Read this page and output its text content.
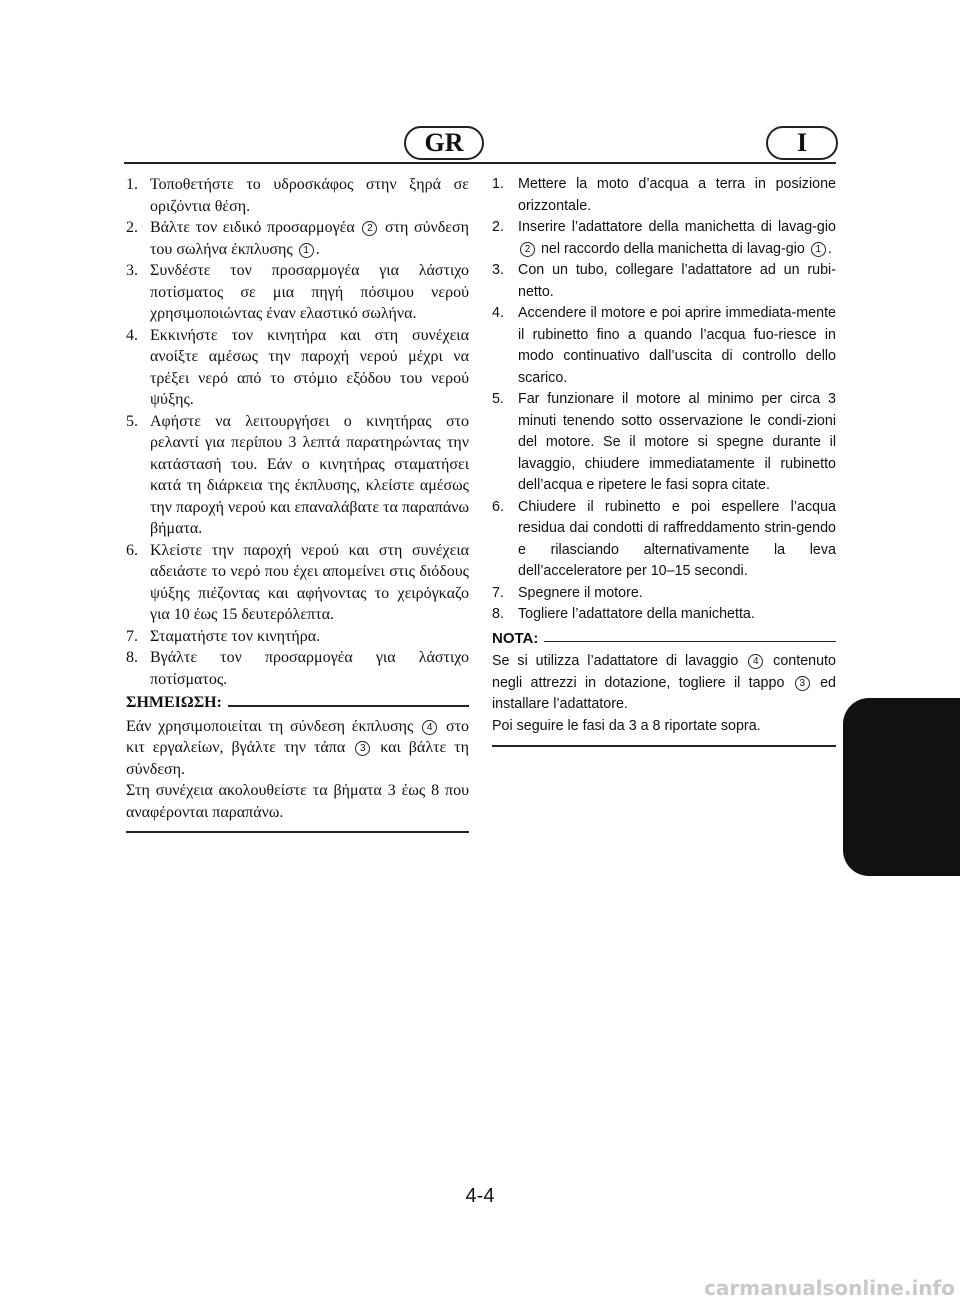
GR	I
1. Τοποθετήστε το υδροσκάφος στην ξηρά σε οριζόντια θέση.
2. Βάλτε τον ειδικό προσαρμογέα 2 στη σύνδεση του σωλήνα έκπλυσης 1 .
3. Συνδέστε τον προσαρμογέα για λάστιχο ποτίσματος σε μια πηγή πόσιμου νερού χρησιμοποιώντας έναν ελαστικό σωλήνα.
4. Εκκινήστε τον κινητήρα και στη συνέχεια ανοίξτε αμέσως την παροχή νερού μέχρι να τρέξει νερό από το στόμιο εξόδου του νερού ψύξης.
5. Αφήστε να λειτουργήσει ο κινητήρας στο ρελαντί για περίπου 3 λεπτά παρατηρώντας την κατάστασή του. Εάν ο κινητήρας σταματήσει κατά τη διάρκεια της έκπλυσης, κλείστε αμέσως την παροχή νερού και επαναλάβατε τα παραπάνω βήματα.
6. Κλείστε την παροχή νερού και στη συνέχεια αδειάστε το νερό που έχει απομείνει στις διόδους ψύξης πιέζοντας και αφήνοντας το χειρόγκαζο για 10 έως 15 δευτερόλεπτα.
7. Σταματήστε τον κινητήρα.
8. Βγάλτε τον προσαρμογέα για λάστιχο ποτίσματος.
ΣΗΜΕΙΩΣΗ:

Εάν χρησιμοποιείται τη σύνδεση έκπλυσης 4 στο κιτ εργαλείων, βγάλτε την τάπα 3 και βάλτε τη σύνδεση.
Στη συνέχεια ακολουθείστε τα βήματα 3 έως 8 που αναφέρονται παραπάνω.

1. Mettere la moto d’acqua a terra in posizione orizzontale.
2. Inserire l’adattatore della manichetta di lavag-gio 2 nel raccordo della manichetta di lavag-gio 1 .
3. Con un tubo, collegare l’adattatore ad un rubi-netto.
4. Accendere il motore e poi aprire immediata-mente il rubinetto fino a quando l’acqua fuo-riesce in modo continuativo dall’uscita di controllo dello scarico.
5. Far funzionare il motore al minimo per circa 3 minuti tenendo sotto osservazione le condi-zioni del motore. Se il motore si spegne durante il lavaggio, chiudere immediatamente il rubinetto dell’acqua e ripetere le fasi sopra citate.
6. Chiudere il rubinetto e poi espellere l’acqua residua dai condotti di raffreddamento strin-gendo e rilasciando alternativamente la leva dell’acceleratore per 10–15 secondi.
7. Spegnere il motore.
8. Togliere l’adattatore della manichetta.
NOTA:

Se si utilizza l’adattatore di lavaggio 4 contenuto negli attrezzi in dotazione, togliere il tappo 3 ed installare l’adattatore.
Poi seguire le fasi da 3 a 8 riportate sopra.

4-4
carmanualsonline.info
